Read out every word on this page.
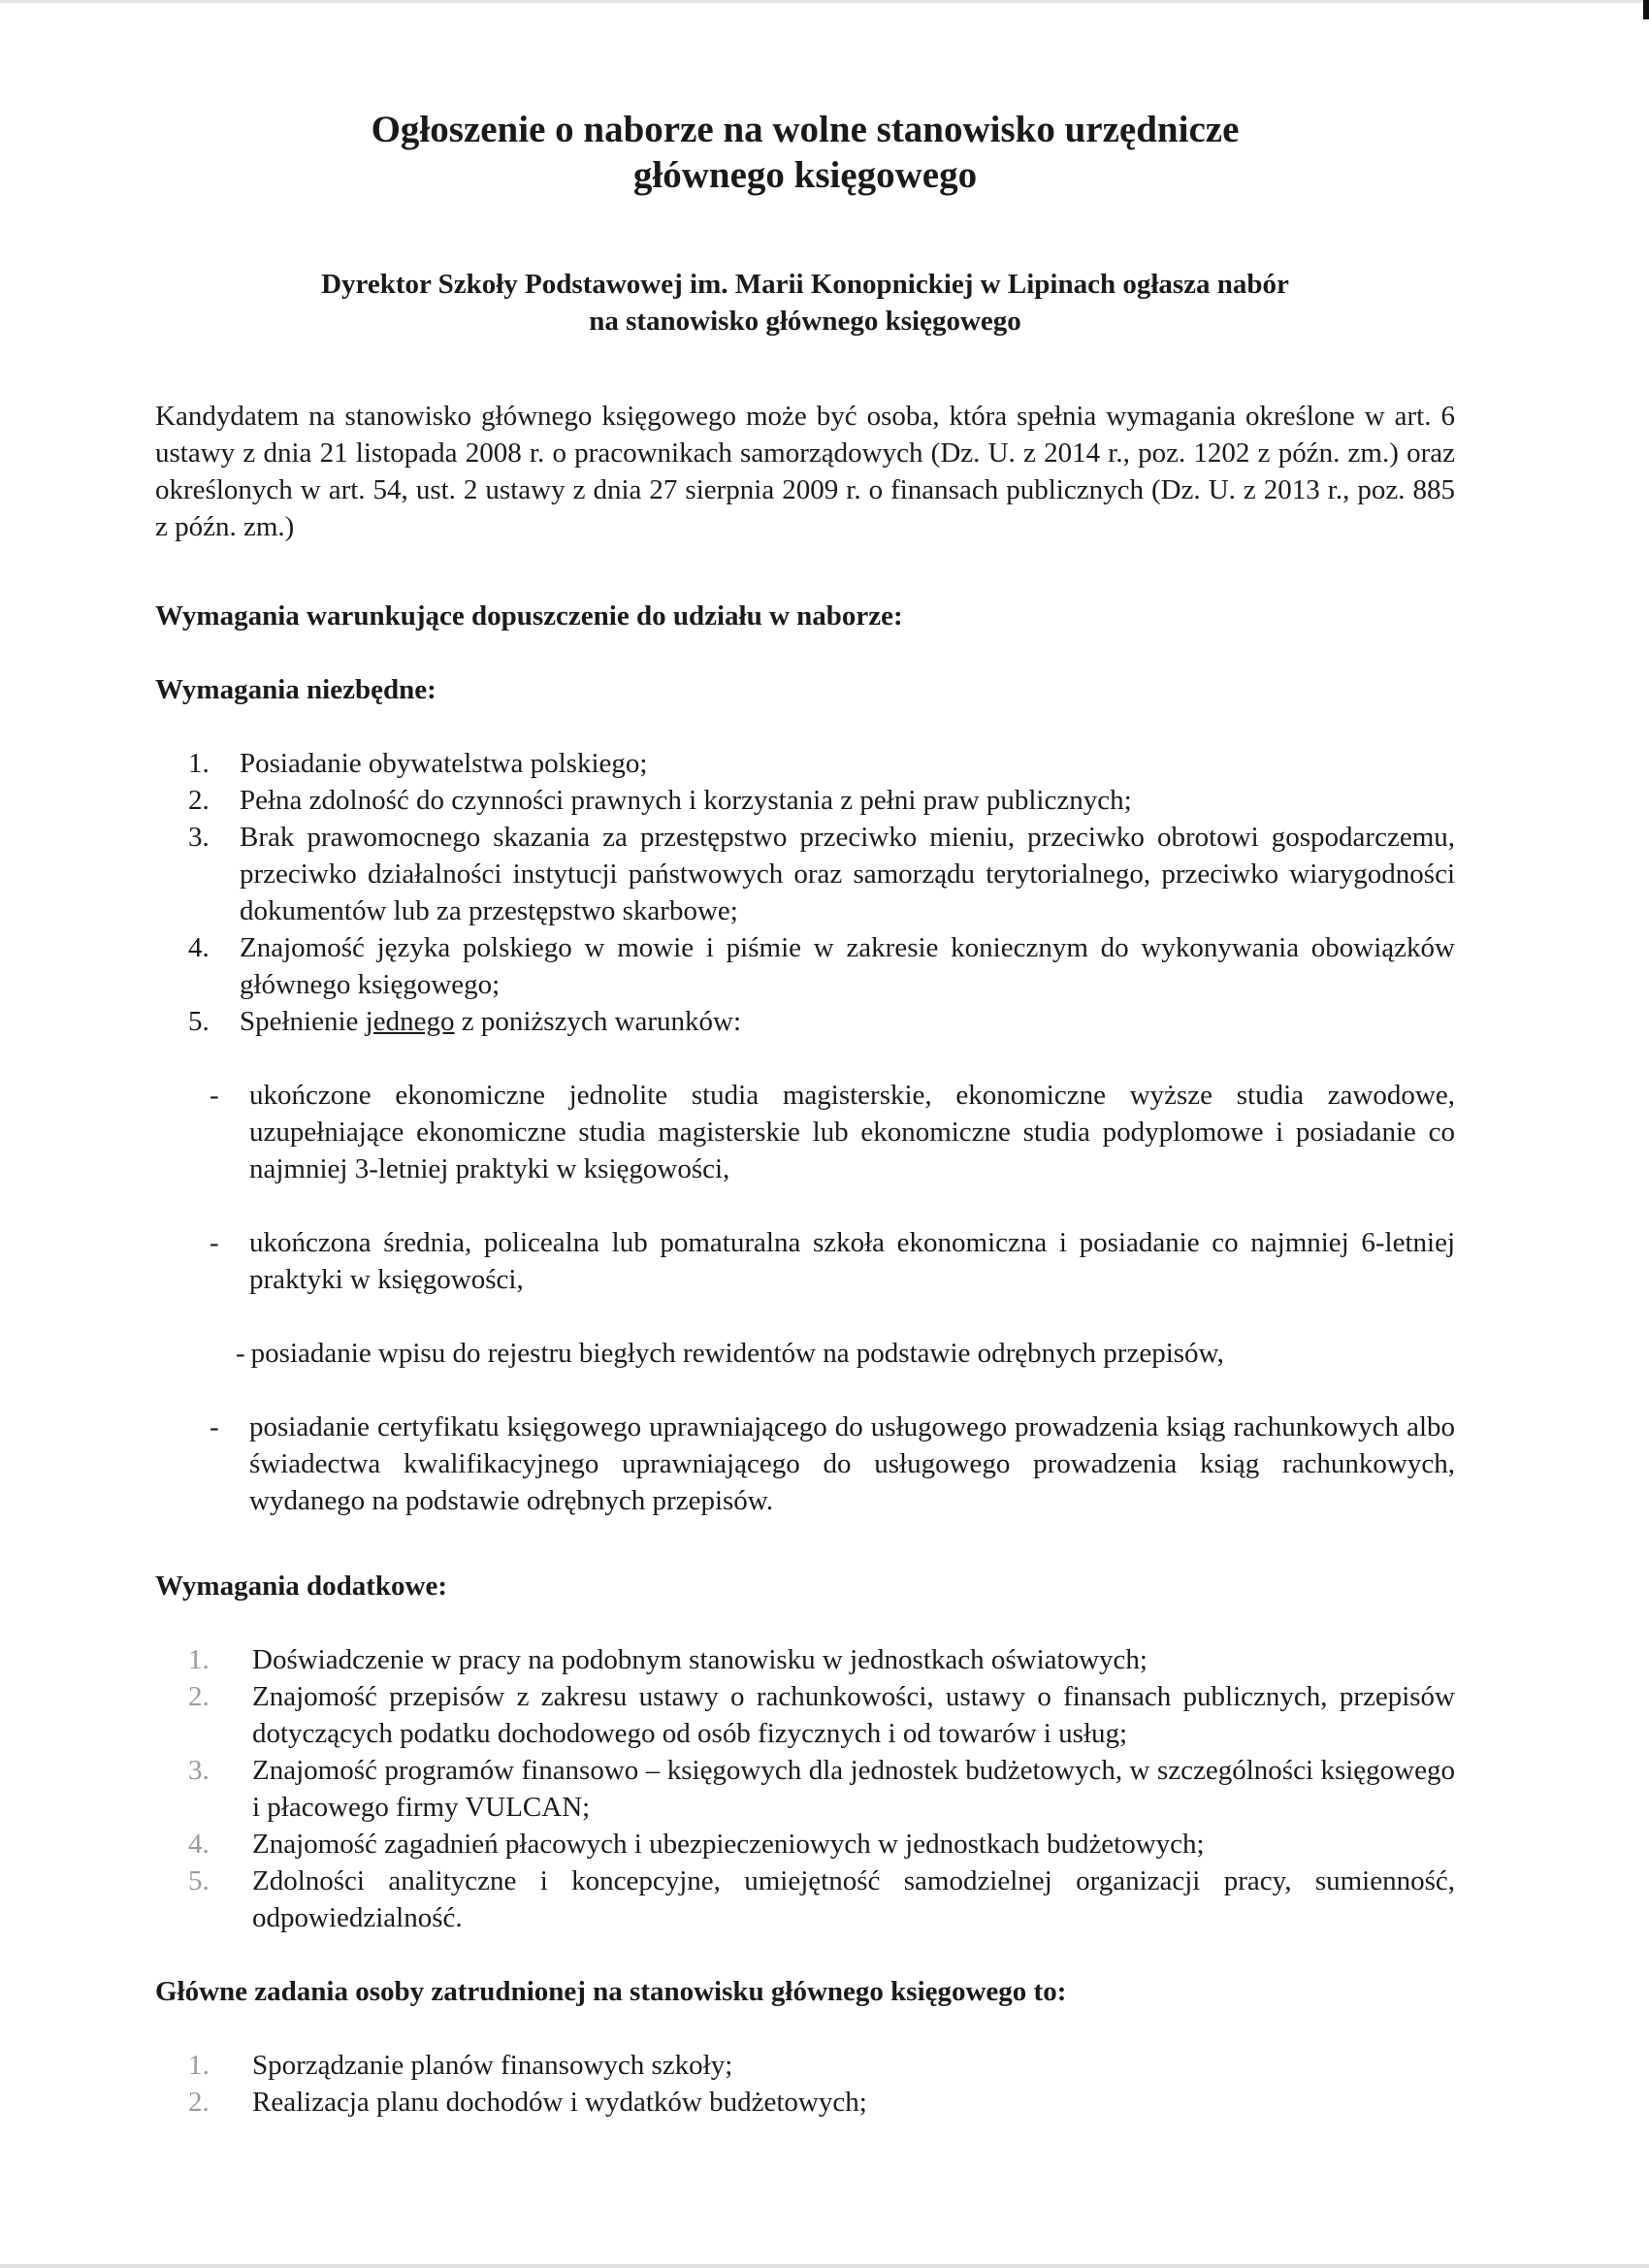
Ogłoszenie o naborze na wolne stanowisko urzędnicze
głównego księgowego

Dyrektor Szkoły Podstawowej im. Marii Konopnickiej w Lipinach ogłasza nabór
na stanowisko głównego księgowego

Kandydatem na stanowisko głównego księgowego może być osoba, która spełnia wymagania określone w art. 6 ustawy z dnia 21 listopada 2008 r. o pracownikach samorządowych (Dz. U. z 2014 r., poz. 1202 z późn. zm.) oraz określonych w art. 54, ust. 2 ustawy z dnia 27 sierpnia 2009 r. o finansach publicznych (Dz. U. z 2013 r., poz. 885 z późn. zm.)

Wymagania warunkujące dopuszczenie do udziału w naborze:

Wymagania niezbędne:

1. Posiadanie obywatelstwa polskiego;
2. Pełna zdolność do czynności prawnych i korzystania z pełni praw publicznych;
3. Brak prawomocnego skazania za przestępstwo przeciwko mieniu, przeciwko obrotowi gospodarczemu, przeciwko działalności instytucji państwowych oraz samorządu terytorialnego, przeciwko wiarygodności dokumentów lub za przestępstwo skarbowe;
4. Znajomość języka polskiego w mowie i piśmie w zakresie koniecznym do wykonywania obowiązków głównego księgowego;
5. Spełnienie jednego z poniższych warunków:
- ukończone ekonomiczne jednolite studia magisterskie, ekonomiczne wyższe studia zawodowe, uzupełniające ekonomiczne studia magisterskie lub ekonomiczne studia podyplomowe i posiadanie co najmniej 3-letniej praktyki w księgowości,
- ukończona średnia, policealna lub pomaturalna szkoła ekonomiczna i posiadanie co najmniej 6-letniej praktyki w księgowości,
- posiadanie wpisu do rejestru biegłych rewidentów na podstawie odrębnych przepisów,
- posiadanie certyfikatu księgowego uprawniającego do usługowego prowadzenia ksiąg rachunkowych albo świadectwa kwalifikacyjnego uprawniającego do usługowego prowadzenia ksiąg rachunkowych, wydanego na podstawie odrębnych przepisów.

Wymagania dodatkowe:

1. Doświadczenie w pracy na podobnym stanowisku w jednostkach oświatowych;
2. Znajomość przepisów z zakresu ustawy o rachunkowości, ustawy o finansach publicznych, przepisów dotyczących podatku dochodowego od osób fizycznych i od towarów i usług;
3. Znajomość programów finansowo – księgowych dla jednostek budżetowych, w szczególności księgowego i płacowego firmy VULCAN;
4. Znajomość zagadnień płacowych i ubezpieczeniowych w jednostkach budżetowych;
5. Zdolności analityczne i koncepcyjne, umiejętność samodzielnej organizacji pracy, sumienność, odpowiedzialność.

Główne zadania osoby zatrudnionej na stanowisku głównego księgowego to:

1. Sporządzanie planów finansowych szkoły;
2. Realizacja planu dochodów i wydatków budżetowych;
